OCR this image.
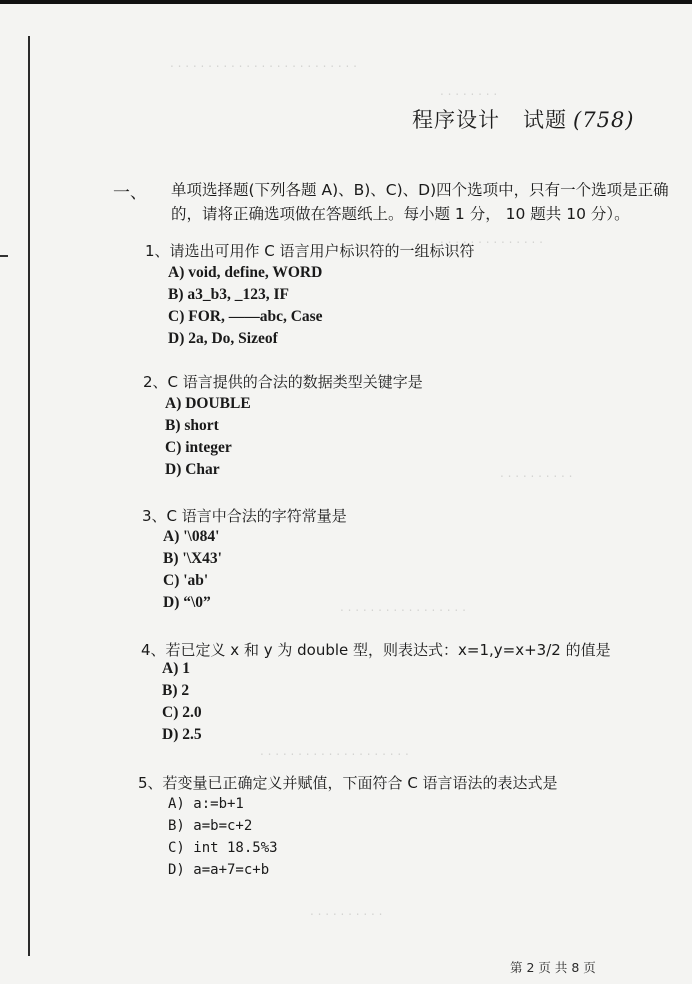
‧ ‧ ‧ ‧ ‧ ‧ ‧ ‧ ‧ ‧ ‧ ‧ ‧ ‧ ‧ ‧ ‧ ‧ ‧ ‧ ‧ ‧ ‧ ‧ ‧
‧ ‧ ‧ ‧ ‧ ‧ ‧ ‧
‧ ‧ ‧ ‧ ‧ ‧ ‧ ‧ ‧ ‧ ‧ ‧ ‧ ‧
‧ ‧ ‧ ‧ ‧ ‧ ‧ ‧ ‧ ‧
‧ ‧ ‧ ‧ ‧ ‧ ‧ ‧ ‧ ‧ ‧ ‧ ‧ ‧ ‧ ‧ ‧
‧ ‧ ‧ ‧ ‧ ‧ ‧ ‧ ‧ ‧ ‧ ‧ ‧ ‧ ‧ ‧ ‧ ‧ ‧ ‧
‧ ‧ ‧ ‧ ‧ ‧ ‧ ‧ ‧ ‧
程序设计 试题 (758)
一、 单项选择题(下列各题 A)、B)、C)、D)四个选项中，只有一个选项是正确的，请将正确选项做在答题纸上。每小题 1 分， 10 题共 10 分）。
1、请选出可用作 C 语言用户标识符的一组标识符
A) void, define, WORD
B) a3_b3, _123, IF
C) FOR, ——abc, Case
D) 2a, Do, Sizeof
2、C 语言提供的合法的数据类型关键字是
A) DOUBLE
B) short
C) integer
D) Char
3、C 语言中合法的字符常量是
A) '\084'
B) '\X43'
C) 'ab'
D) “\0”
4、若已定义 x 和 y 为 double 型，则表达式：x=1,y=x+3/2 的值是
A) 1
B) 2
C) 2.0
D) 2.5
5、若变量已正确定义并赋值，下面符合 C 语言语法的表达式是
A) a:=b+1
B) a=b=c+2
C) int 18.5%3
D) a=a+7=c+b
第 2 页 共 8 页
